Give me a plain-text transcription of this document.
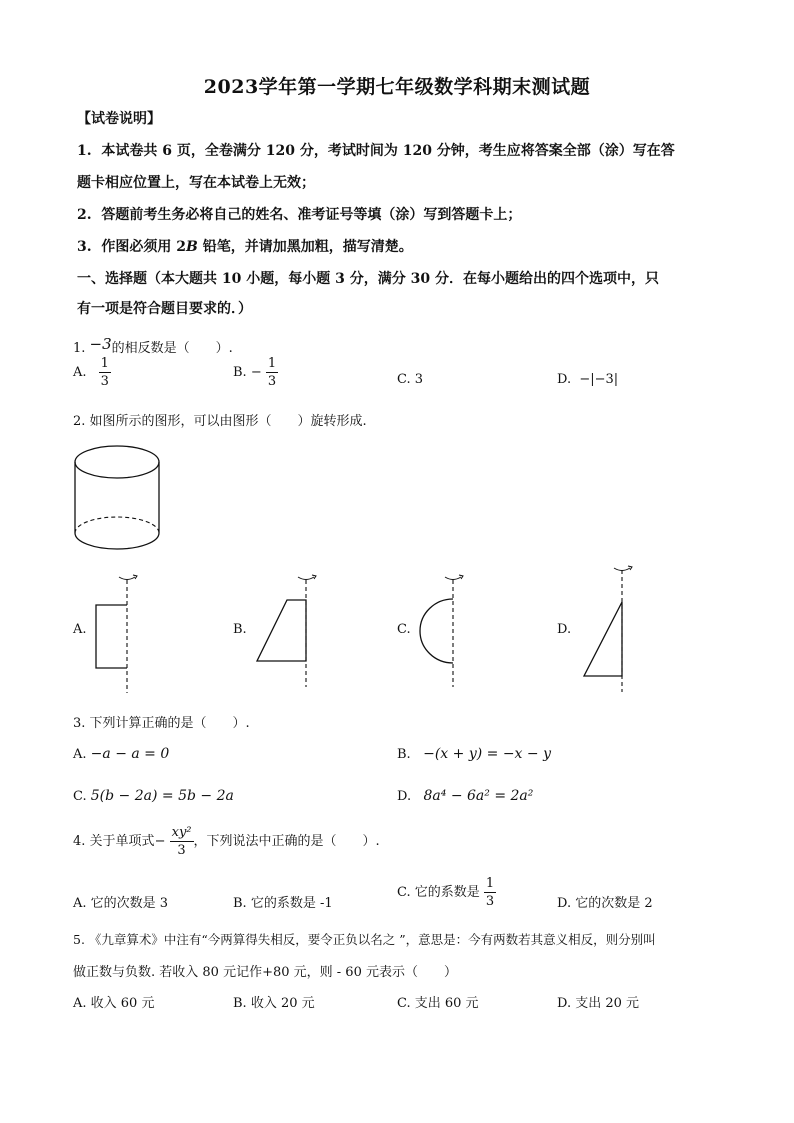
2023学年第一学期七年级数学科期末测试题
【试卷说明】
1. 本试卷共 6 页，全卷满分 120 分，考试时间为 120 分钟，考生应将答案全部（涂）写在答
题卡相应位置上，写在本试卷上无效；
2. 答题前考生务必将自己的姓名、准考证号等填（涂）写到答题卡上；
3. 作图必须用 2B 铅笔，并请加黑加粗，描写清楚。
一、选择题（本大题共 10 小题，每小题 3 分，满分 30 分．在每小题给出的四个选项中，只
有一项是符合题目要求的．）
1. −3的相反数是（　　）.
A. $\frac{1}{3}$	B. − $\frac{1}{3}$	C. 3	D. −|−3|
2. 如图所示的图形，可以由图形（　　）旋转形成.
A.	B.	C.	D.
3. 下列计算正确的是（　　）.
A. −a − a = 0	B. −(x + y) = −x − y
C. 5(b − 2a) = 5b − 2a	D. 8a⁴ − 6a² = 2a²
4. 关于单项式− $\frac{\text{xy²}}{3}$ ，下列说法中正确的是（　　）.
A. 它的次数是 3	B. 它的系数是 -1
C. 它的系数是 $\frac{1}{3}$	D. 它的次数是 2
5. 《九章算术》中注有“今两算得失相反，要令正负以名之 ”，意思是：今有两数若其意义相反，则分别叫
做正数与负数. 若收入 80 元记作+80 元，则 - 60 元表示（　　）
A. 收入 60 元	B. 收入 20 元	C. 支出 60 元	D. 支出 20 元
